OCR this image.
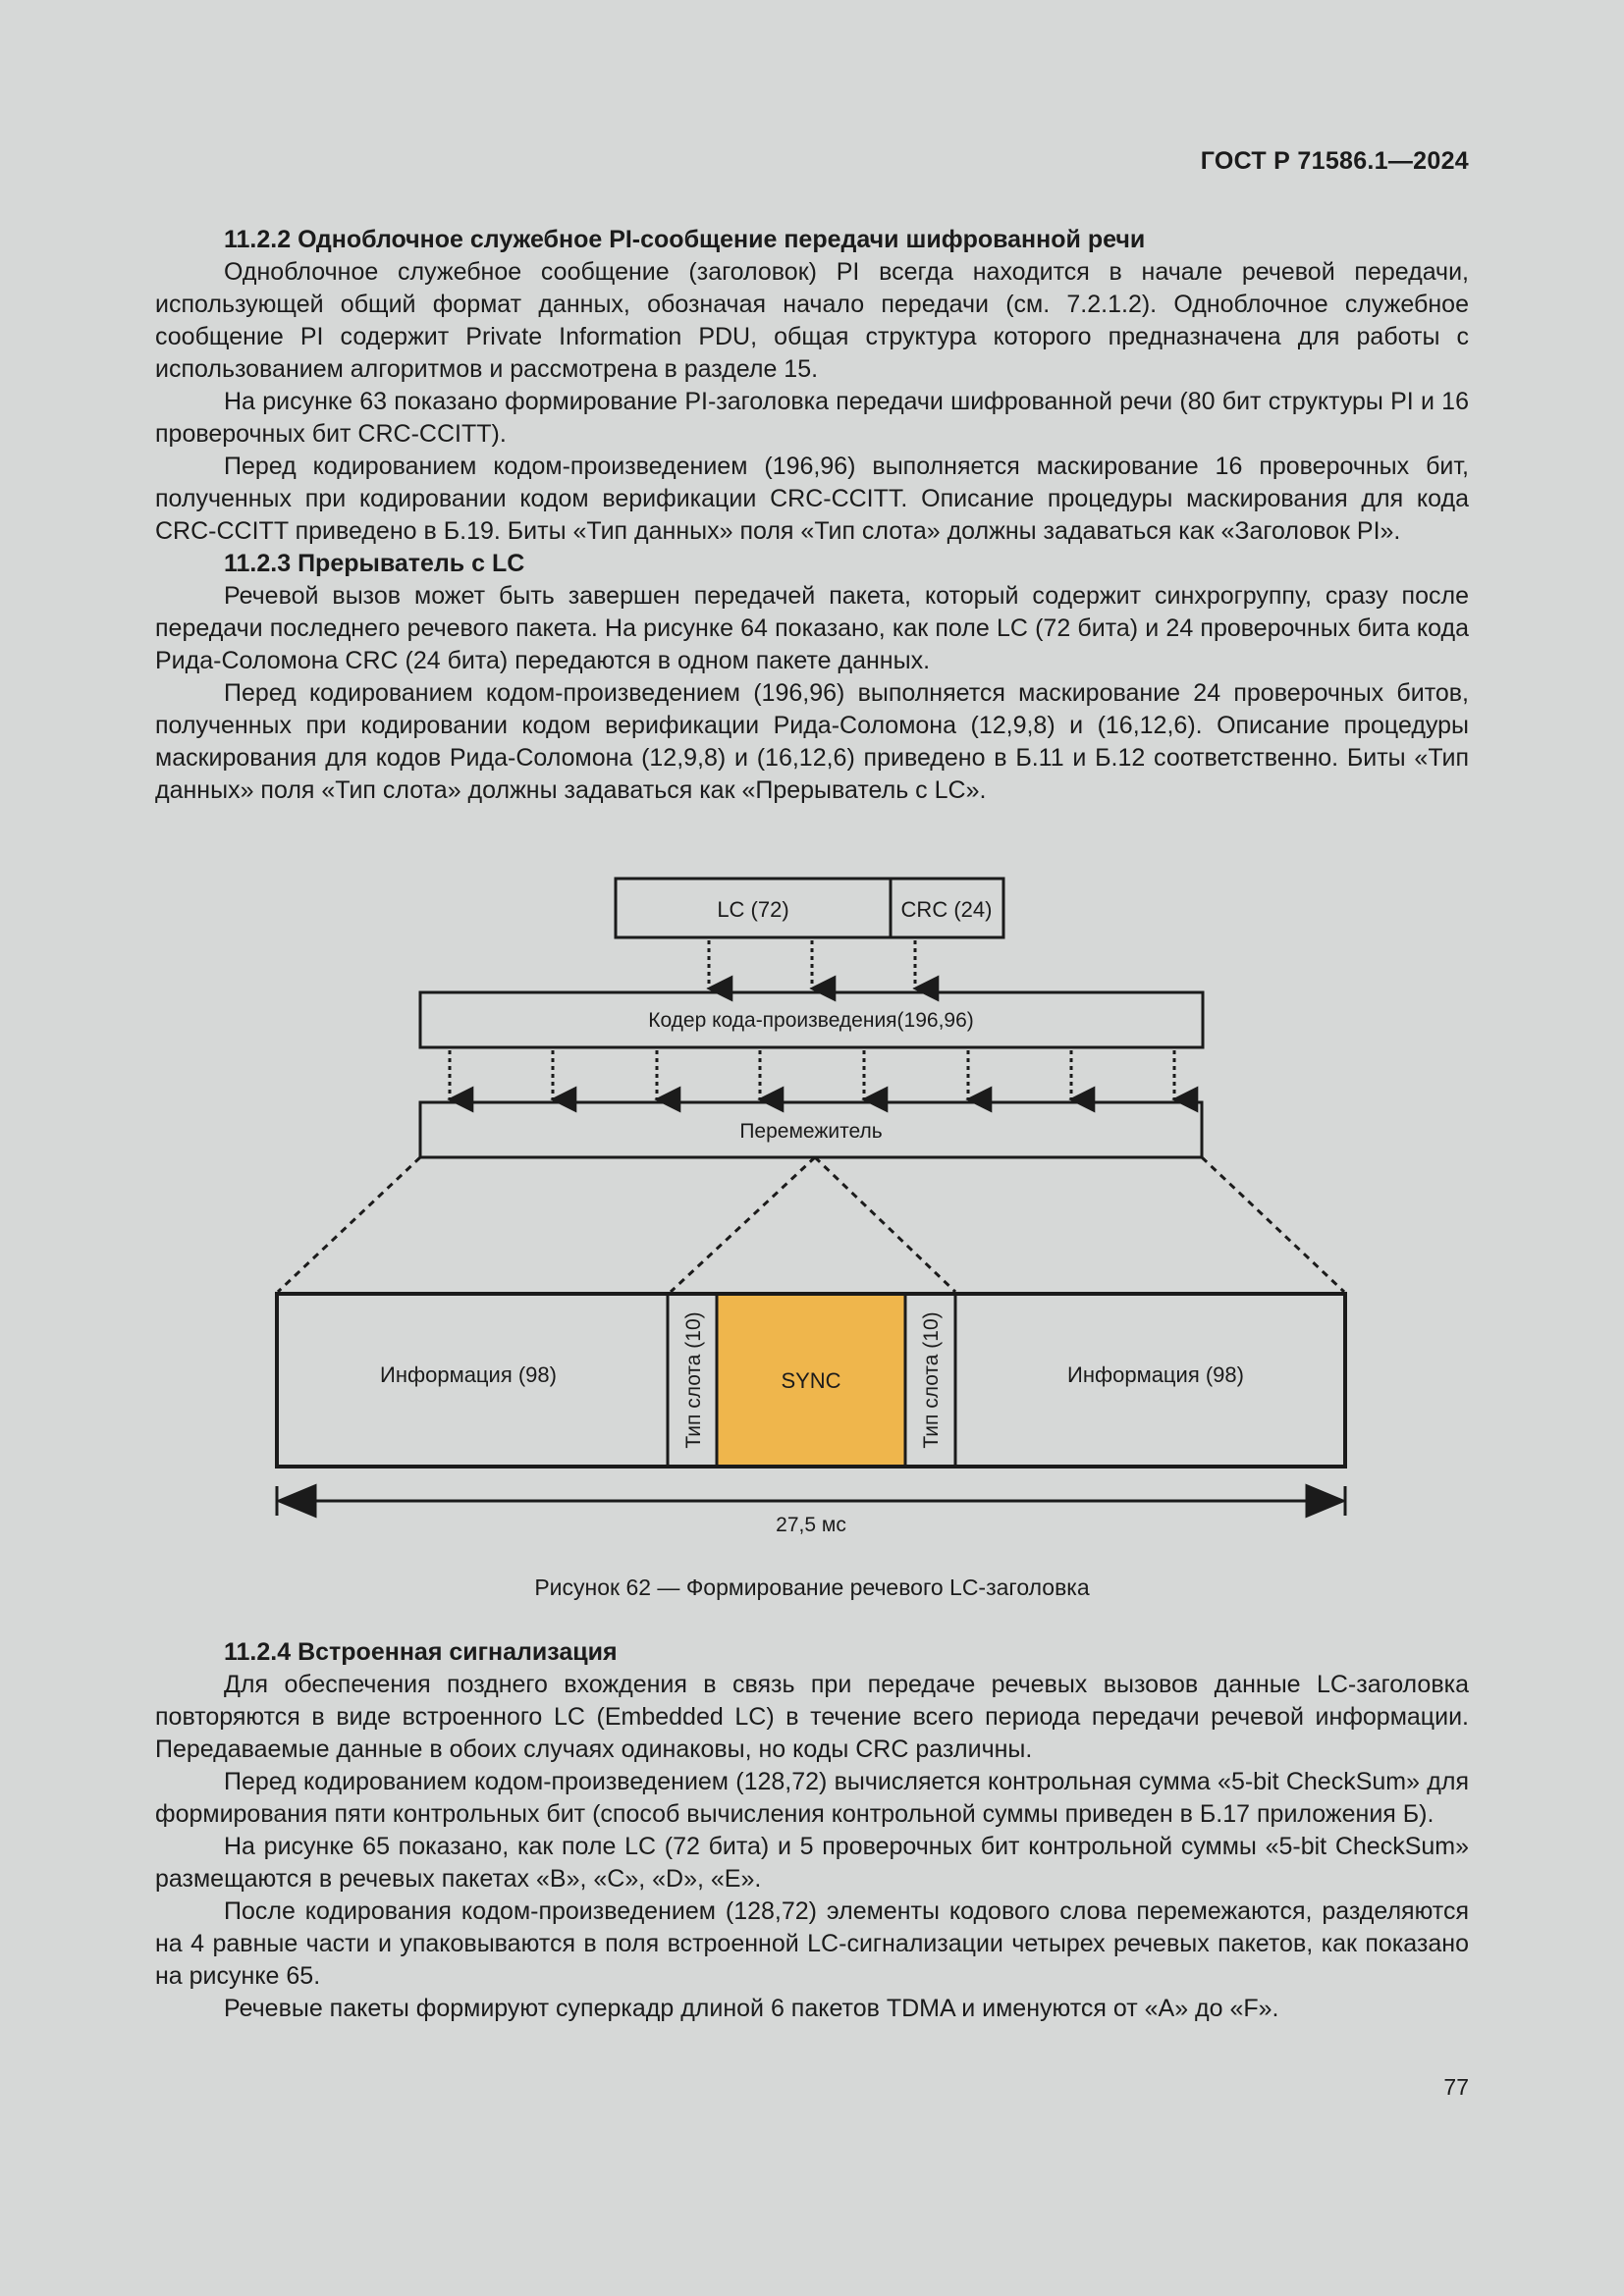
ГОСТ Р 71586.1—2024
11.2.2 Одноблочное служебное PI-сообщение передачи шифрованной речи

Одноблочное служебное сообщение (заголовок) PI всегда находится в начале речевой передачи, использующей общий формат данных, обозначая начало передачи (см. 7.2.1.2). Одноблочное служебное сообщение PI содержит Private Information PDU, общая структура которого предназначена для работы с использованием алгоритмов и рассмотрена в разделе 15.

На рисунке 63 показано формирование PI-заголовка передачи шифрованной речи (80 бит структуры PI и 16 проверочных бит CRC-CCITT).

Перед кодированием кодом-произведением (196,96) выполняется маскирование 16 проверочных бит, полученных при кодировании кодом верификации CRC-CCITT. Описание процедуры маскирования для кода CRC-CCITT приведено в Б.19. Биты «Тип данных» поля «Тип слота» должны задаваться как «Заголовок PI».

11.2.3 Прерыватель с LC

Речевой вызов может быть завершен передачей пакета, который содержит синхрогруппу, сразу после передачи последнего речевого пакета. На рисунке 64 показано, как поле LC (72 бита) и 24 проверочных бита кода Рида-Соломона CRC (24 бита) передаются в одном пакете данных.

Перед кодированием кодом-произведением (196,96) выполняется маскирование 24 проверочных битов, полученных при кодировании кодом верификации Рида-Соломона (12,9,8) и (16,12,6). Описание процедуры маскирования для кодов Рида-Соломона (12,9,8) и (16,12,6) приведено в Б.11 и Б.12 соответственно. Биты «Тип данных» поля «Тип слота» должны задаваться как «Прерыватель с LC».

LC (72)	CRC (24)
Кодер кода-произведения(196,96)
Перемежитель
Информация (98)	Тип слота (10)	SYNC	Тип слота (10)	Информация (98)
27,5 мс
Рисунок 62 — Формирование речевого LC-заголовка
11.2.4 Встроенная сигнализация

Для обеспечения позднего вхождения в связь при передаче речевых вызовов данные LC-заголовка повторяются в виде встроенного LC (Embedded LC) в течение всего периода передачи речевой информации. Передаваемые данные в обоих случаях одинаковы, но коды CRC различны.

Перед кодированием кодом-произведением (128,72) вычисляется контрольная сумма «5-bit CheckSum» для формирования пяти контрольных бит (способ вычисления контрольной суммы приведен в Б.17 приложения Б).

На рисунке 65 показано, как поле LC (72 бита) и 5 проверочных бит контрольной суммы «5-bit CheckSum» размещаются в речевых пакетах «B», «C», «D», «E».

После кодирования кодом-произведением (128,72) элементы кодового слова перемежаются, разделяются на 4 равные части и упаковываются в поля встроенной LC-сигнализации четырех речевых пакетов, как показано на рисунке 65.

Речевые пакеты формируют суперкадр длиной 6 пакетов TDMA и именуются от «A» до «F».

77
